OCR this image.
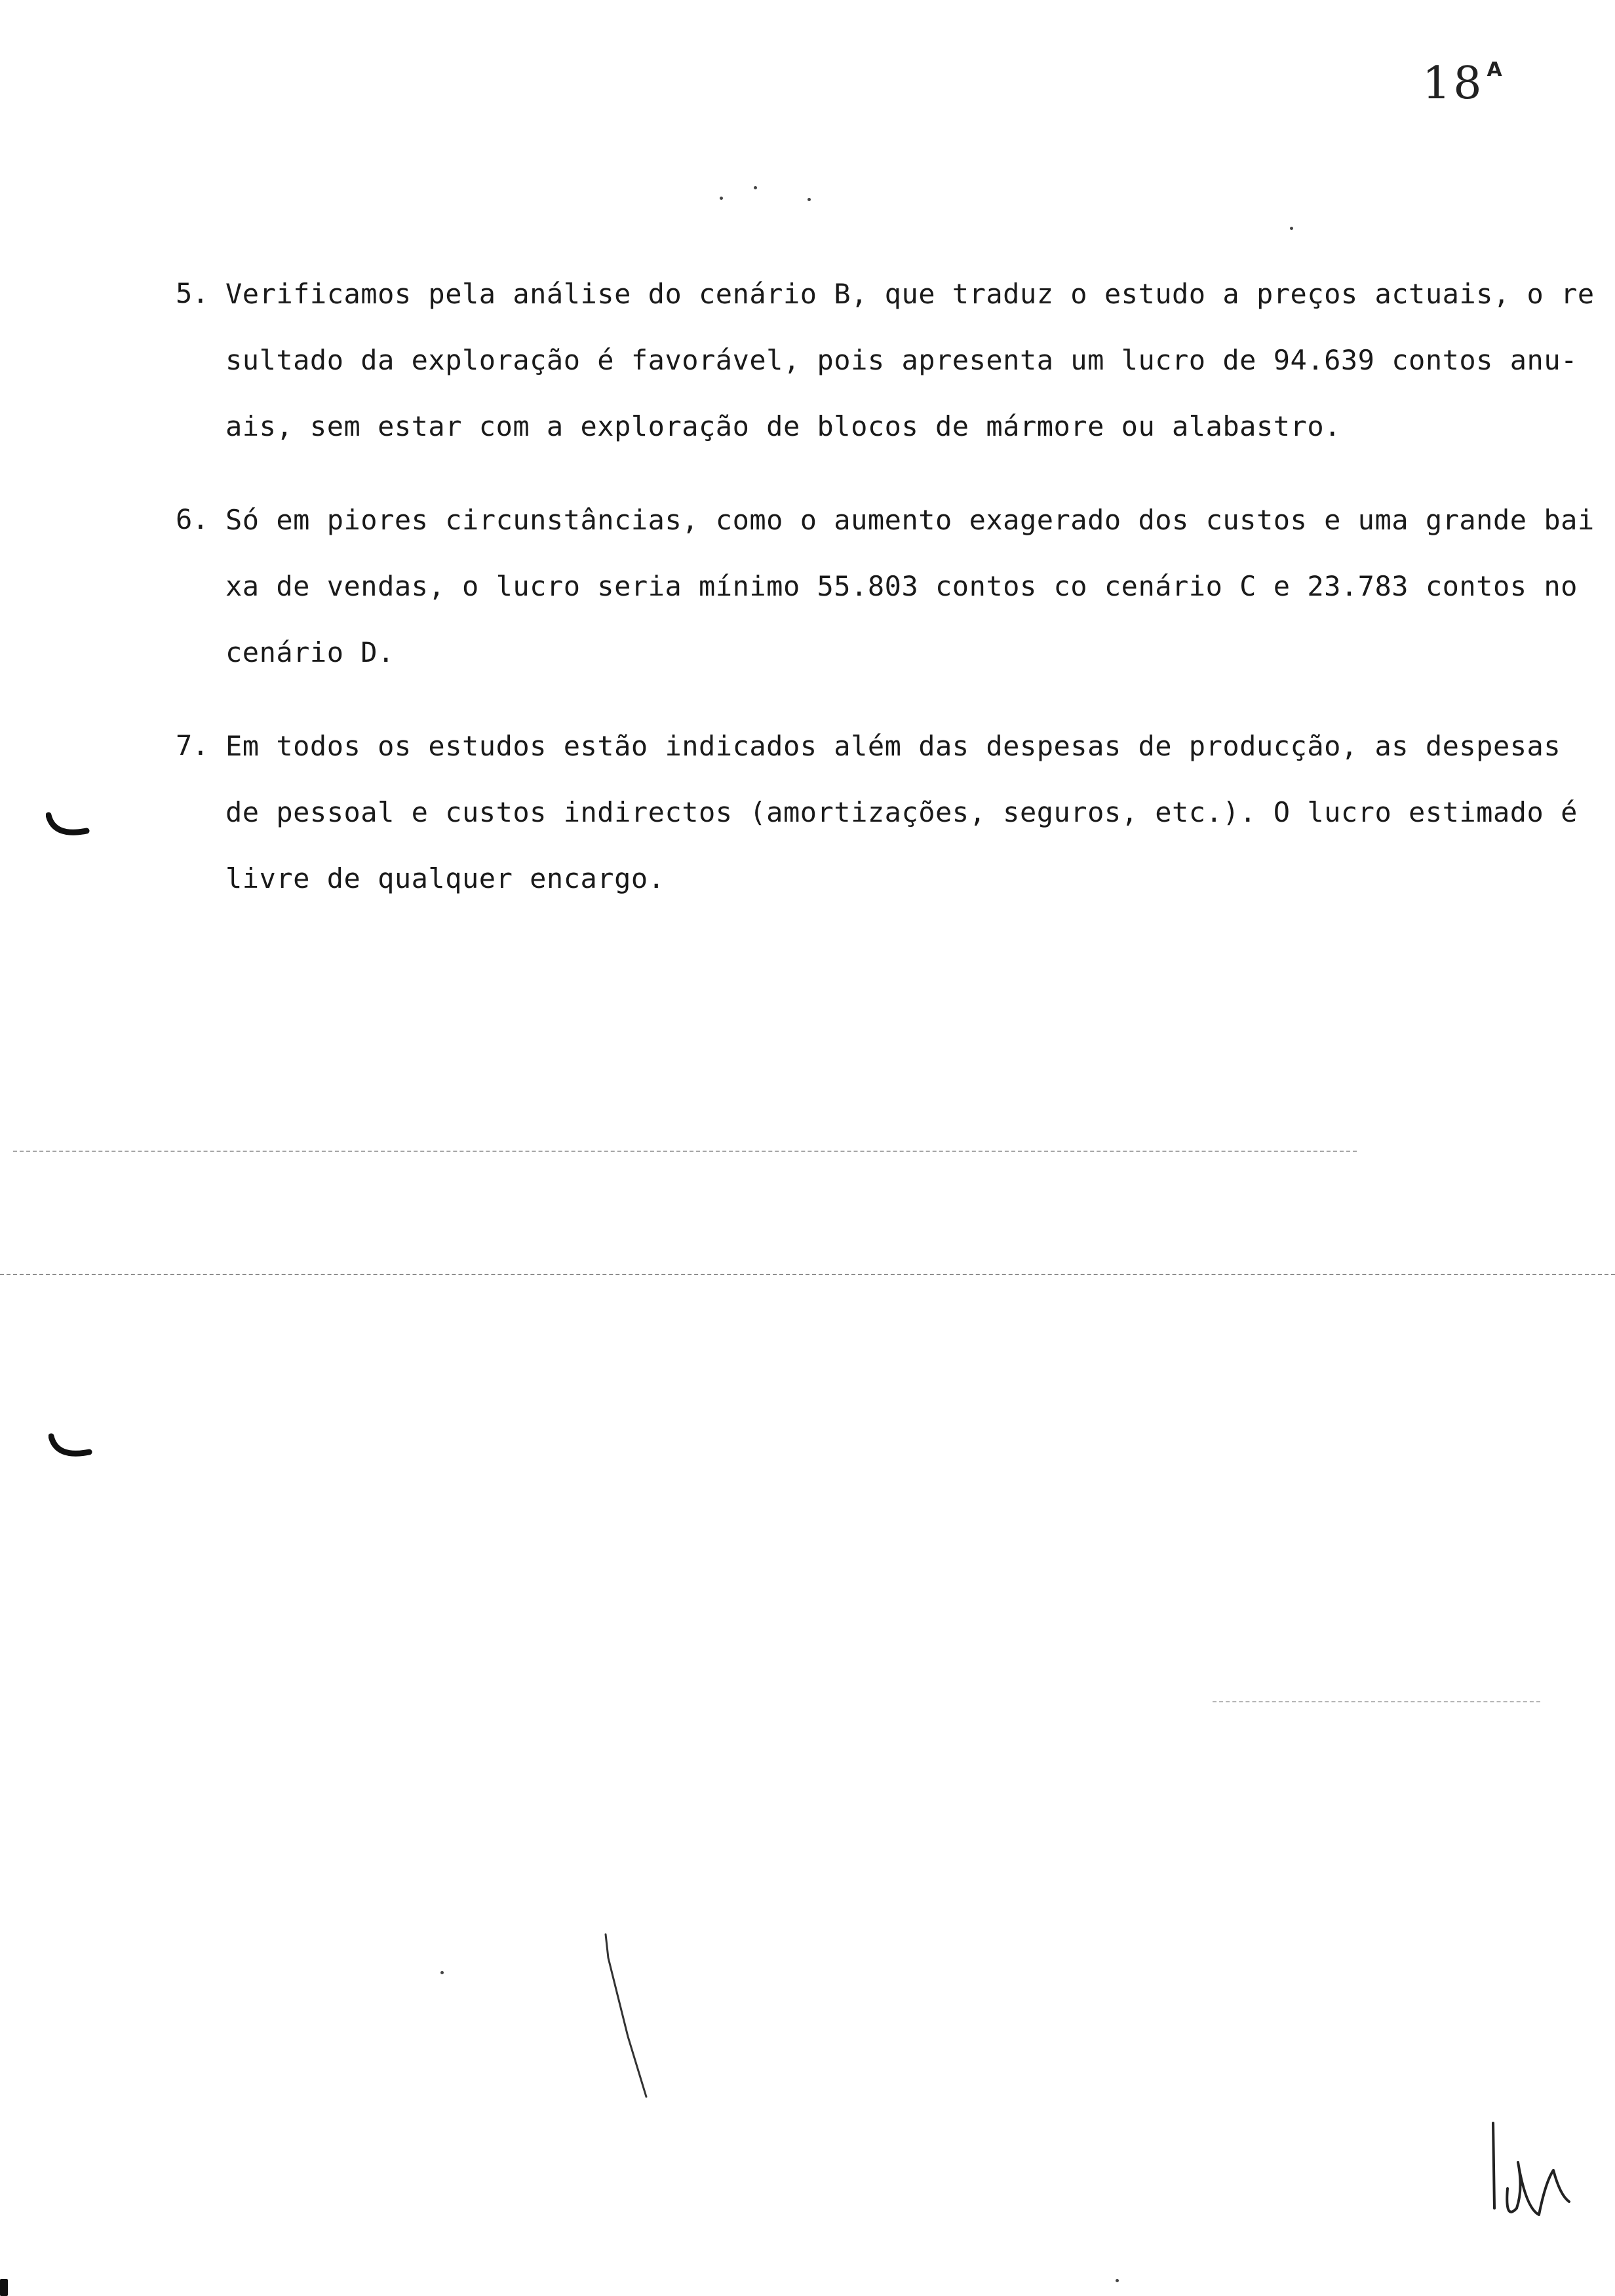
18 $^A$
5. Verificamos pela análise do cenário B, que traduz o estudo a preços actuais, o re
sultado da exploração é favorável, pois apresenta um lucro de 94.639 contos anu-
ais, sem estar com a exploração de blocos de mármore ou alabastro.
6. Só em piores circunstâncias, como o aumento exagerado dos custos e uma grande bai
xa de vendas, o lucro seria mínimo 55.803 contos co cenário C e 23.783 contos no
cenário D.
7. Em todos os estudos estão indicados além das despesas de producção, as despesas
de pessoal e custos indirectos (amortizações, seguros, etc.). O lucro estimado é
livre de qualquer encargo.
